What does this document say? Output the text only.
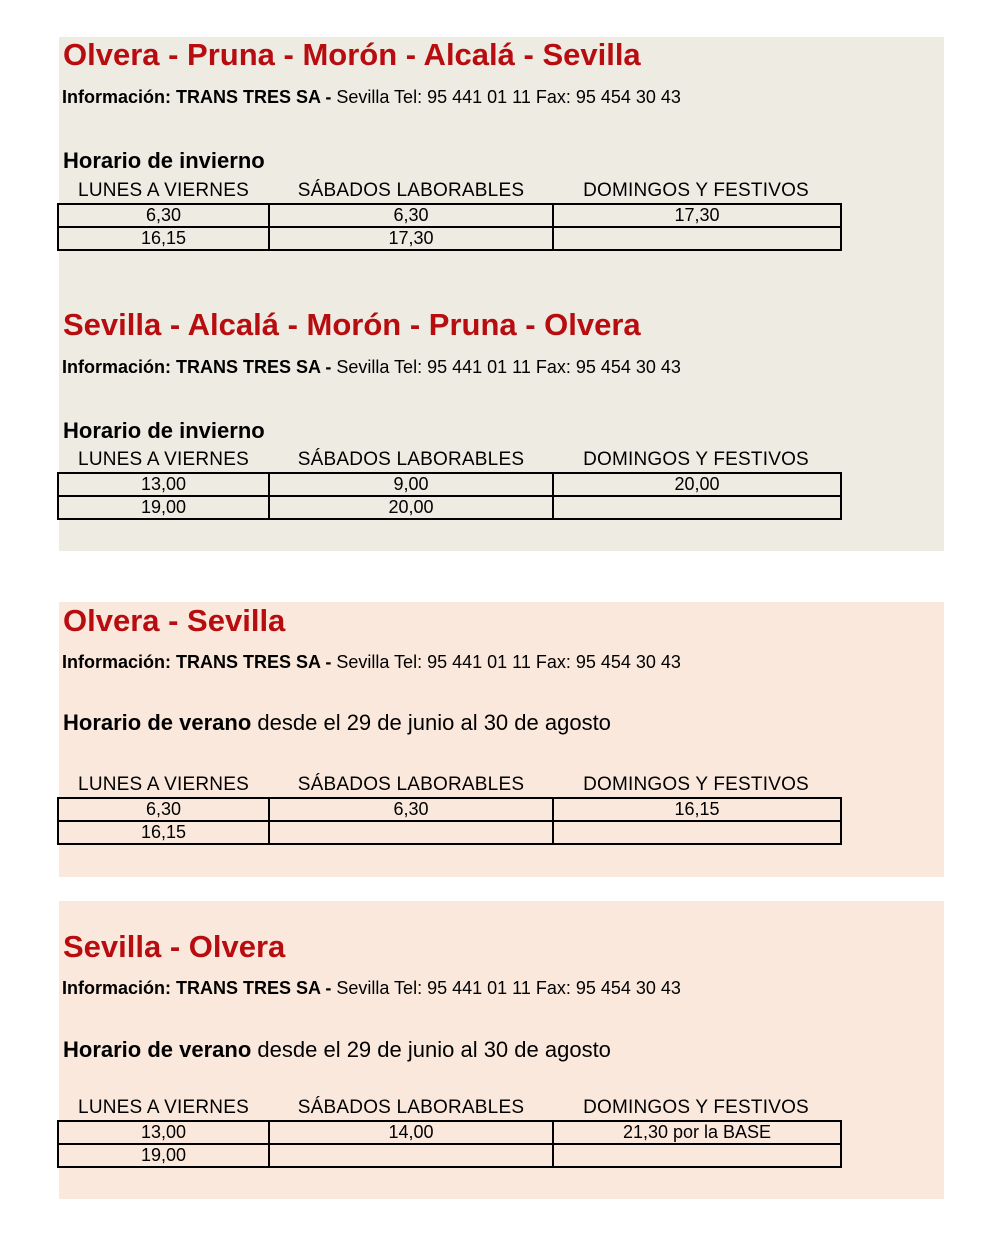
Olvera - Pruna - Morón - Alcalá - Sevilla
Información: TRANS TRES SA - Sevilla Tel: 95 441 01 11 Fax: 95 454 30 43
Horario de invierno
LUNES A VIERNES	SÁBADOS LABORABLES	DOMINGOS Y FESTIVOS
6,30	6,30	17,30
16,15	17,30	
Sevilla - Alcalá - Morón - Pruna - Olvera
Información: TRANS TRES SA - Sevilla Tel: 95 441 01 11 Fax: 95 454 30 43
Horario de invierno
LUNES A VIERNES	SÁBADOS LABORABLES	DOMINGOS Y FESTIVOS
13,00	9,00	20,00
19,00	20,00	
Olvera - Sevilla
Información: TRANS TRES SA - Sevilla Tel: 95 441 01 11 Fax: 95 454 30 43
Horario de verano desde el 29 de junio al 30 de agosto
LUNES A VIERNES	SÁBADOS LABORABLES	DOMINGOS Y FESTIVOS
6,30	6,30	16,15
16,15		
Sevilla - Olvera
Información: TRANS TRES SA - Sevilla Tel: 95 441 01 11 Fax: 95 454 30 43
Horario de verano desde el 29 de junio al 30 de agosto
LUNES A VIERNES	SÁBADOS LABORABLES	DOMINGOS Y FESTIVOS
13,00	14,00	21,30 por la BASE
19,00		
